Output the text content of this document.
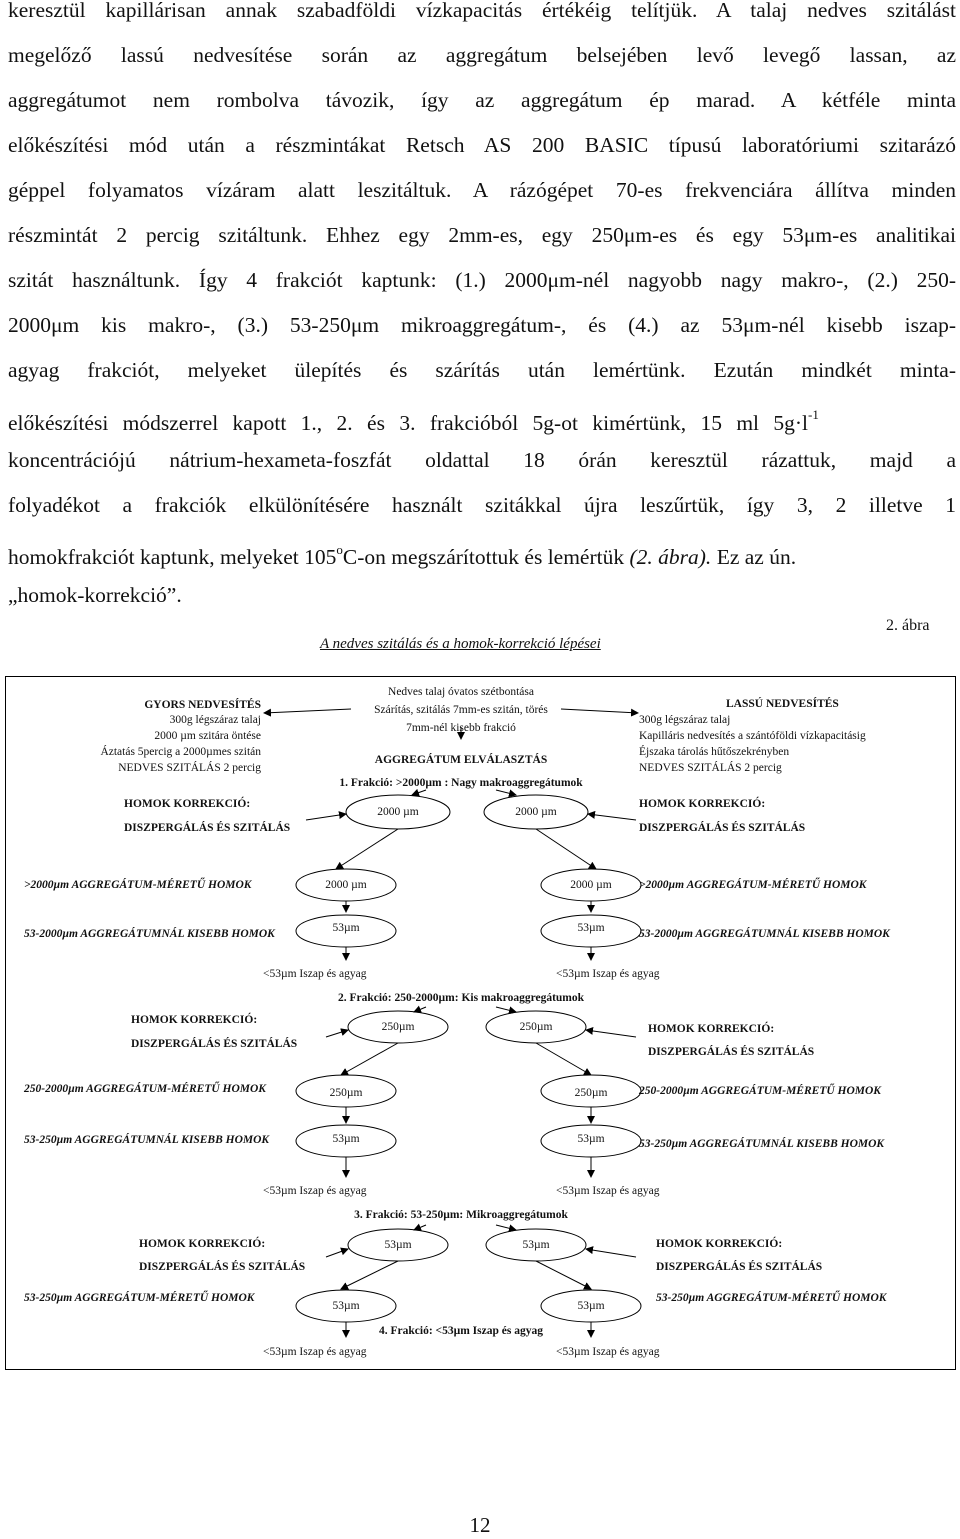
keresztül kapillárisan annak szabadföldi vízkapacitás értékéig telítjük. A talaj nedves szitálást
megelőző lassú nedvesítése során az aggregátum belsejében levő levegő lassan, az
aggregátumot nem rombolva távozik, így az aggregátum ép marad. A kétféle minta
előkészítési mód után a részmintákat Retsch AS 200 BASIC típusú laboratóriumi szitarázó
géppel folyamatos vízáram alatt leszitáltuk. A rázógépet 70-es frekvenciára állítva minden
részmintát 2 percig szitáltunk. Ehhez egy 2mm-es, egy 250μm-es és egy 53μm-es analitikai
szitát használtunk. Így 4 frakciót kaptunk: (1.) 2000μm-nél nagyobb nagy makro-, (2.) 250-
2000μm kis makro-, (3.) 53-250μm mikroaggregátum-, és (4.) az 53μm-nél kisebb iszap-
agyag frakciót, melyeket ülepítés és szárítás után lemértünk. Ezután mindkét minta-
előkészítési módszerrel kapott 1., 2. és 3. frakcióból 5g-ot kimértünk, 15 ml $5g\cdot l^{-1}$
koncentrációjú nátrium-hexameta-foszfát oldattal 18 órán keresztül rázattuk, majd a
folyadékot a frakciók elkülönítésére használt szitákkal újra leszűrtük, így 3, 2 illetve 1
homokfrakciót kaptunk, melyeket 105$^o$C-on megszárítottuk és lemértük (2. ábra). Ez az ún.
„homok-korrekció”.
2. ábra
A nedves szitálás és a homok-korrekció lépései
GYORS NEDVESÍTÉS
300g légszáraz talaj
2000 µm szitára öntése
Áztatás 5percig a 2000µmes szitán
NEDVES SZITÁLÁS 2 percig
Nedves talaj óvatos szétbontása
Szárítás, szitálás 7mm-es szitán, törés
7mm-nél kisebb frakció
AGGREGÁTUM ELVÁLASZTÁS
1. Frakció: >2000µm : Nagy makroaggregátumok
LASSÚ NEDVESÍTÉS
300g légszáraz talaj
Kapilláris nedvesítés a szántóföldi vízkapacitásig
Éjszaka tárolás hűtőszekrényben
NEDVES SZITÁLÁS 2 percig
HOMOK KORREKCIÓ:
DISZPERGÁLÁS ÉS SZITÁLÁS
HOMOK KORREKCIÓ:
DISZPERGÁLÁS ÉS SZITÁLÁS
2000 µm	2000 µm
>2000µm AGGREGÁTUM-MÉRETŰ HOMOK	2000 µm	2000 µm	>2000µm AGGREGÁTUM-MÉRETŰ HOMOK
53-2000µm AGGREGÁTUMNÁL KISEBB HOMOK	53µm	53µm	53-2000µm AGGREGÁTUMNÁL KISEBB HOMOK
<53µm Iszap és agyag	<53µm Iszap és agyag
2. Frakció: 250-2000µm: Kis makroaggregátumok
HOMOK KORREKCIÓ:
DISZPERGÁLÁS ÉS SZITÁLÁS
HOMOK KORREKCIÓ:
DISZPERGÁLÁS ÉS SZITÁLÁS
250µm	250µm
250-2000µm AGGREGÁTUM-MÉRETŰ HOMOK	250µm	250µm	250-2000µm AGGREGÁTUM-MÉRETŰ HOMOK
53-250µm AGGREGÁTUMNÁL KISEBB HOMOK	53µm	53µm	53-250µm AGGREGÁTUMNÁL KISEBB HOMOK
<53µm Iszap és agyag	<53µm Iszap és agyag
3. Frakció: 53-250µm: Mikroaggregátumok
HOMOK KORREKCIÓ:
DISZPERGÁLÁS ÉS SZITÁLÁS
HOMOK KORREKCIÓ:
DISZPERGÁLÁS ÉS SZITÁLÁS
53µm	53µm
53-250µm AGGREGÁTUM-MÉRETŰ HOMOK
53µm	53µm
53-250µm AGGREGÁTUM-MÉRETŰ HOMOK
4. Frakció: <53µm Iszap és agyag
<53µm Iszap és agyag	<53µm Iszap és agyag
12
